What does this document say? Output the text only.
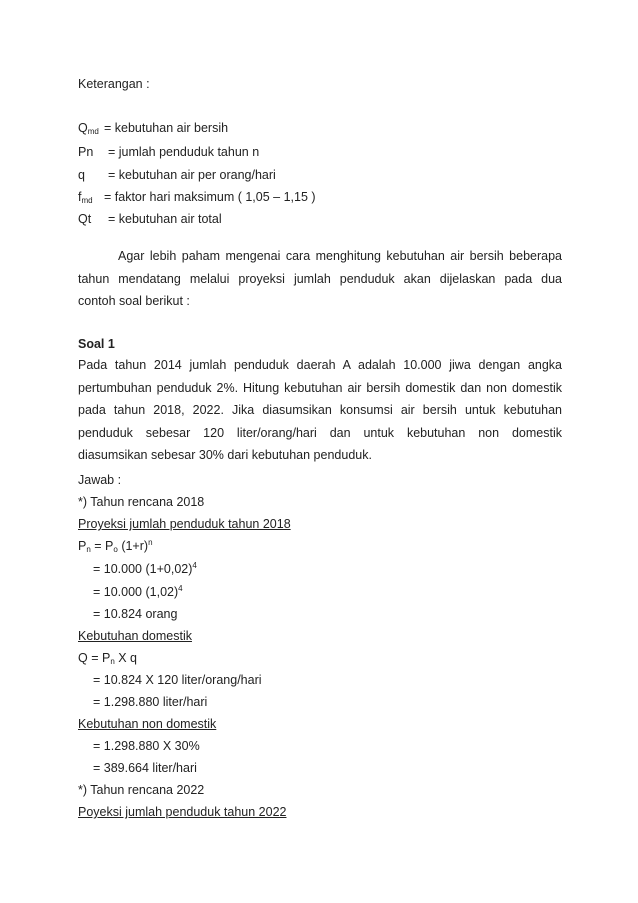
Keterangan :
Qmd = kebutuhan air bersih
Pn	= jumlah penduduk tahun n
q	= kebutuhan air per orang/hari
fmd = faktor hari maksimum ( 1,05 – 1,15 )
Qt	= kebutuhan air total

Agar lebih paham mengenai cara menghitung kebutuhan air bersih beberapa

tahun mendatang melalui proyeksi jumlah penduduk akan dijelaskan pada dua

contoh soal berikut :

Soal 1

Pada tahun 2014 jumlah penduduk daerah A adalah 10.000 jiwa dengan angka

pertumbuhan penduduk 2%. Hitung kebutuhan air bersih domestik dan non domestik

pada tahun 2018, 2022. Jika diasumsikan konsumsi air bersih untuk kebutuhan

penduduk sebesar 120 liter/orang/hari dan untuk kebutuhan non domestik

diasumsikan sebesar 30% dari kebutuhan penduduk.

Jawab :
*) Tahun rencana 2018
Proyeksi jumlah penduduk tahun 2018
Pn = Po $(1+r)^n$
= 10.000 $(1+0,02)^4$
= 10.000 $(1,02)^4$
= 10.824 orang
Kebutuhan domestik
Q = Pn X q
= 10.824 X 120 liter/orang/hari
= 1.298.880 liter/hari
Kebutuhan non domestik
= 1.298.880 X 30%
= 389.664 liter/hari
*) Tahun rencana 2022
Poyeksi jumlah penduduk tahun 2022
